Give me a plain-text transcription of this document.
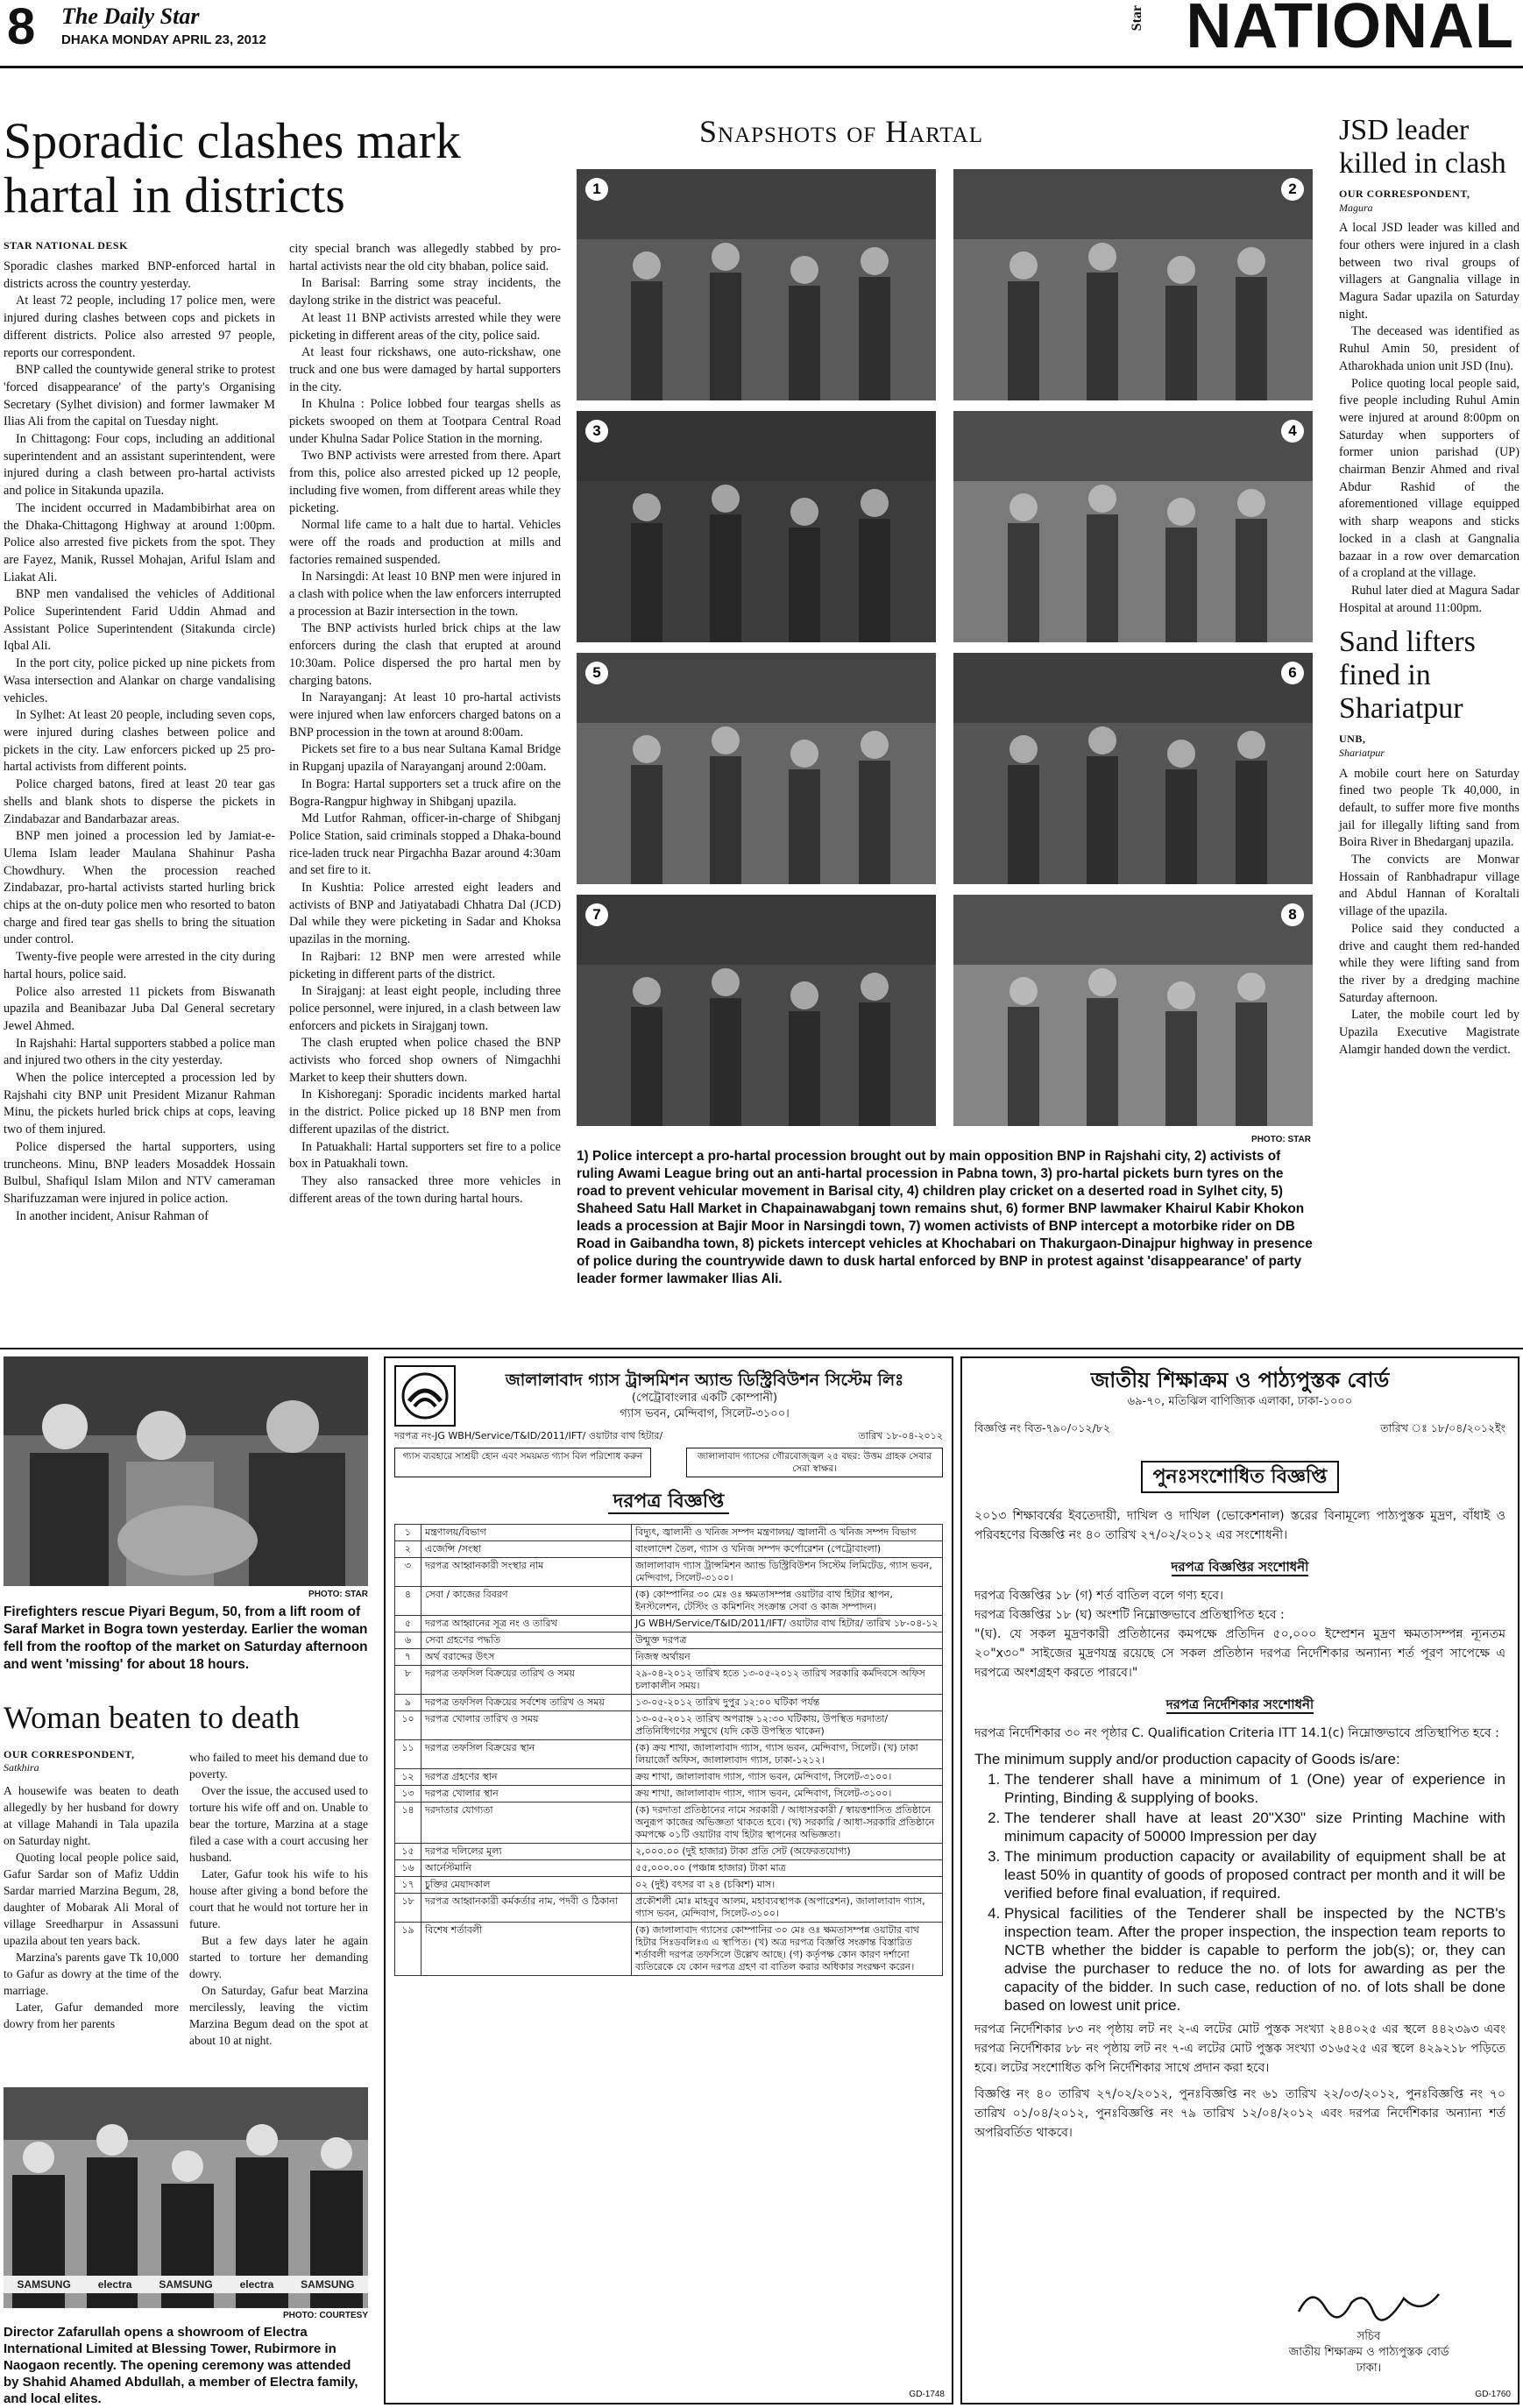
8 The Daily Star
DHAKA MONDAY APRIL 23, 2012
Star NATIONAL
Sporadic clashes mark hartal in districts
STAR NATIONAL DESK

Sporadic clashes marked BNP-enforced hartal in districts across the country yesterday.

At least 72 people, including 17 police men, were injured during clashes between cops and pickets in different districts. Police also arrested 97 people, reports our correspondent.

BNP called the countywide general strike to protest 'forced disappearance' of the party's Organising Secretary (Sylhet division) and former lawmaker M Ilias Ali from the capital on Tuesday night.

In Chittagong: Four cops, including an additional superintendent and an assistant superintendent, were injured during a clash between pro-hartal activists and police in Sitakunda upazila.

The incident occurred in Madambibirhat area on the Dhaka-Chittagong Highway at around 1:00pm. Police also arrested five pickets from the spot. They are Fayez, Manik, Russel Mohajan, Ariful Islam and Liakat Ali.

BNP men vandalised the vehicles of Additional Police Superintendent Farid Uddin Ahmad and Assistant Police Superintendent (Sitakunda circle) Iqbal Ali.

In the port city, police picked up nine pickets from Wasa intersection and Alankar on charge vandalising vehicles.

In Sylhet: At least 20 people, including seven cops, were injured during clashes between police and pickets in the city. Law enforcers picked up 25 pro-hartal activists from different points.

Police charged batons, fired at least 20 tear gas shells and blank shots to disperse the pickets in Zindabazar and Bandarbazar areas.

BNP men joined a procession led by Jamiat-e- Ulema Islam leader Maulana Shahinur Pasha Chowdhury. When the procession reached Zindabazar, pro-hartal activists started hurling brick chips at the on-duty police men who resorted to baton charge and fired tear gas shells to bring the situation under control.

Twenty-five people were arrested in the city during hartal hours, police said.

Police also arrested 11 pickets from Biswanath upazila and Beanibazar Juba Dal General secretary Jewel Ahmed.

In Rajshahi: Hartal supporters stabbed a police man and injured two others in the city yesterday.

When the police intercepted a procession led by Rajshahi city BNP unit President Mizanur Rahman Minu, the pickets hurled brick chips at cops, leaving two of them injured.

Police dispersed the hartal supporters, using truncheons. Minu, BNP leaders Mosaddek Hossain Bulbul, Shafiqul Islam Milon and NTV cameraman Sharifuzzaman were injured in police action.

In another incident, Anisur Rahman of

city special branch was allegedly stabbed by pro-hartal activists near the old city bhaban, police said.

In Barisal: Barring some stray incidents, the daylong strike in the district was peaceful.

At least 11 BNP activists arrested while they were picketing in different areas of the city, police said.

At least four rickshaws, one auto-rickshaw, one truck and one bus were damaged by hartal supporters in the city.

In Khulna : Police lobbed four teargas shells as pickets swooped on them at Tootpara Central Road under Khulna Sadar Police Station in the morning.

Two BNP activists were arrested from there. Apart from this, police also arrested picked up 12 people, including five women, from different areas while they picketing.

Normal life came to a halt due to hartal. Vehicles were off the roads and production at mills and factories remained suspended.

In Narsingdi: At least 10 BNP men were injured in a clash with police when the law enforcers interrupted a procession at Bazir intersection in the town.

The BNP activists hurled brick chips at the law enforcers during the clash that erupted at around 10:30am. Police dispersed the pro hartal men by charging batons.

In Narayanganj: At least 10 pro-hartal activists were injured when law enforcers charged batons on a BNP procession in the town at around 8:00am.

Pickets set fire to a bus near Sultana Kamal Bridge in Rupganj upazila of Narayanganj around 2:00am.

In Bogra: Hartal supporters set a truck afire on the Bogra-Rangpur highway in Shibganj upazila.

Md Lutfor Rahman, officer-in-charge of Shibganj Police Station, said criminals stopped a Dhaka-bound rice-laden truck near Pirgachha Bazar around 4:30am and set fire to it.

In Kushtia: Police arrested eight leaders and activists of BNP and Jatiyatabadi Chhatra Dal (JCD) Dal while they were picketing in Sadar and Khoksa upazilas in the morning.

In Rajbari: 12 BNP men were arrested while picketing in different parts of the district.

In Sirajganj: at least eight people, including three police personnel, were injured, in a clash between law enforcers and pickets in Sirajganj town.

The clash erupted when police chased the BNP activists who forced shop owners of Nimgachhi Market to keep their shutters down.

In Kishoreganj: Sporadic incidents marked hartal in the district. Police picked up 18 BNP men from different upazilas of the district.

In Patuakhali: Hartal supporters set fire to a police box in Patuakhali town.

They also ransacked three more vehicles in different areas of the town during hartal hours.

Snapshots of Hartal
1	2
3	4
5	6
7	8
PHOTO: STAR
1) Police intercept a pro-hartal procession brought out by main opposition BNP in Rajshahi city, 2) activists of ruling Awami League bring out an anti-hartal procession in Pabna town, 3) pro-hartal pickets burn tyres on the road to prevent vehicular movement in Barisal city, 4) children play cricket on a deserted road in Sylhet city, 5) Shaheed Satu Hall Market in Chapainawabganj town remains shut, 6) former BNP lawmaker Khairul Kabir Khokon leads a procession at Bajir Moor in Narsingdi town, 7) women activists of BNP intercept a motorbike rider on DB Road in Gaibandha town, 8) pickets intercept vehicles at Khochabari on Thakurgaon-Dinajpur highway in presence of police during the countrywide dawn to dusk hartal enforced by BNP in protest against 'disappearance' of party leader former lawmaker Ilias Ali.
JSD leader killed in clash
OUR CORRESPONDENT,
Magura

A local JSD leader was killed and four others were injured in a clash between two rival groups of villagers at Gangnalia village in Magura Sadar upazila on Saturday night.

The deceased was identified as Ruhul Amin 50, president of Atharokhada union unit JSD (Inu).

Police quoting local people said, five people including Ruhul Amin were injured at around 8:00pm on Saturday when supporters of former union parishad (UP) chairman Benzir Ahmed and rival Abdur Rashid of the aforementioned village equipped with sharp weapons and sticks locked in a clash at Gangnalia bazaar in a row over demarcation of a cropland at the village.

Ruhul later died at Magura Sadar Hospital at around 11:00pm.

Sand lifters fined in Shariatpur
UNB,
Shariatpur

A mobile court here on Saturday fined two people Tk 40,000, in default, to suffer more five months jail for illegally lifting sand from Boira River in Bhedarganj upazila.

The convicts are Monwar Hossain of Ranbhadrapur village and Abdul Hannan of Koraltali village of the upazila.

Police said they conducted a drive and caught them red-handed while they were lifting sand from the river by a dredging machine Saturday afternoon.

Later, the mobile court led by Upazila Executive Magistrate Alamgir handed down the verdict.

PHOTO: STAR
Firefighters rescue Piyari Begum, 50, from a lift room of Saraf Market in Bogra town yesterday. Earlier the woman fell from the rooftop of the market on Saturday afternoon and went 'missing' for about 18 hours.
Woman beaten to death
OUR CORRESPONDENT,
Satkhira

A housewife was beaten to death allegedly by her husband for dowry at village Mahandi in Tala upazila on Saturday night.

Quoting local people police said, Gafur Sardar son of Mafiz Uddin Sardar married Marzina Begum, 28, daughter of Mobarak Ali Moral of village Sreedharpur in Assassuni upazila about ten years back.

Marzina's parents gave Tk 10,000 to Gafur as dowry at the time of the marriage.

Later, Gafur demanded more dowry from her parents

who failed to meet his demand due to poverty.

Over the issue, the accused used to torture his wife off and on. Unable to bear the torture, Marzina at a stage filed a case with a court accusing her husband.

Later, Gafur took his wife to his house after giving a bond before the court that he would not torture her in future.

But a few days later he again started to torture her demanding dowry.

On Saturday, Gafur beat Marzina mercilessly, leaving the victim Marzina Begum dead on the spot at about 10 at night.

SAMSUNG	electra	SAMSUNG	electra	SAMSUNG
PHOTO: COURTESY
Director Zafarullah opens a showroom of Electra International Limited at Blessing Tower, Rubirmore in Naogaon recently. The opening ceremony was attended by Shahid Ahamed Abdullah, a member of Electra family, and local elites.
জালালাবাদ গ্যাস ট্রান্সমিশন অ্যান্ড ডিস্ট্রিবিউশন সিস্টেম লিঃ
(পেট্রোবাংলার একটি কোম্পানী)
গ্যাস ভবন, মেন্দিবাগ, সিলেট-৩১০০।
দরপত্র নং-JG WBH/Service/T&ID/2011/IFT/ ওয়াটার বাথ হিটার/	তারিখ ১৮-০৪-২০১২
গ্যাস ব্যবহারে সাশ্রয়ী হোন এবং সময়মত গ্যাস বিল পরিশোধ করুন	জালালাবাদ গ্যাসের গৌরবোজ্জ্বল ২৫ বছর: উত্তম গ্রাহক সেবার সেরা স্বাক্ষর।
দরপত্র বিজ্ঞপ্তি
১	মন্ত্রণালয়/বিভাগ	বিদ্যুৎ, জ্বালানী ও খনিজ সম্পদ মন্ত্রণালয়/ জ্বালানী ও খনিজ সম্পদ বিভাগ
২	এজেন্সি /সংস্থা	বাংলাদেশ তৈল, গ্যাস ও খনিজ সম্পদ কর্পোরেশন (পেট্রোবাংলা)
৩	দরপত্র আহ্বানকারী সংস্থার নাম	জালালাবাদ গ্যাস ট্রান্সমিশন অ্যান্ড ডিস্ট্রিবিউশন সিস্টেম লিমিটেড, গ্যাস ভবন, মেন্দিবাগ, সিলেট-৩১০০।
৪	সেবা / কাজের বিবরণ	(ক) কোম্পানির ৩০ মেঃ ওঃ ক্ষমতাসম্পন্ন ওয়াটার বাথ হিটার স্থাপন, ইনস্টলেশন, টেস্টিং ও কমিশনিং সংক্রান্ত সেবা ও কাজ সম্পাদন।
৫	দরপত্র আহ্বানের সূত্র নং ও তারিখ	JG WBH/Service/T&ID/2011/IFT/ ওয়াটার বাথ হিটার/ তারিখ ১৮-০৪-১২
৬	সেবা গ্রহণের পদ্ধতি	উন্মুক্ত দরপত্র
৭	অর্থ বরাদ্দের উৎস	নিজস্ব অর্থায়ন
৮	দরপত্র তফসিল বিক্রয়ের তারিখ ও সময়	২৯-০৪-২০১২ তারিখ হতে ১৩-০৫-২০১২ তারিখ সরকারি কর্মদিবসে অফিস চলাকালীন সময়।
৯	দরপত্র তফসিল বিক্রয়ের সর্বশেষ তারিখ ও সময়	১৩-০৫-২০১২ তারিখ দুপুর ১২:০০ ঘটিকা পর্যন্ত
১০	দরপত্র খোলার তারিখ ও সময়	১৩-০৫-২০১২ তারিখ অপরাহ্ন ১২:৩০ ঘটিকায়, উপস্থিত দরদাতা/ প্রতিনিধিগণের সম্মুখে (যদি কেউ উপস্থিত থাকেন)
১১	দরপত্র তফসিল বিক্রয়ের স্থান	(ক) ক্রয় শাখা, জালালাবাদ গ্যাস, গ্যাস ভবন, মেন্দিবাগ, সিলেট। (খ) ঢাকা লিয়াজোঁ অফিস, জালালাবাদ গ্যাস, ঢাকা-১২১২।
১২	দরপত্র গ্রহণের স্থান	ক্রয় শাখা, জালালাবাদ গ্যাস, গ্যাস ভবন, মেন্দিবাগ, সিলেট-৩১০০।
১৩	দরপত্র খোলার স্থান	ক্রয় শাখা, জালালাবাদ গ্যাস, গ্যাস ভবন, মেন্দিবাগ, সিলেট-৩১০০।
১৪	দরদাতার যোগ্যতা	(ক) দরদাতা প্রতিষ্ঠানের নামে সরকারী / আধাসরকারী / স্বায়ত্তশাসিত প্রতিষ্ঠানে অনুরূপ কাজের অভিজ্ঞতা থাকতে হবে। (খ) সরকারি / আধা-সরকারি প্রতিষ্ঠানে কমপক্ষে ০১টি ওয়াটার বাথ হিটার স্থাপনের অভিজ্ঞতা।
১৫	দরপত্র দলিলের মূল্য	২,০০০.০০ (দুই হাজার) টাকা প্রতি সেট (অফেরতযোগ্য)
১৬	আর্নেস্টমানি	৫৫,০০০.০০ (পঞ্চান্ন হাজার) টাকা মাত্র
১৭	চুক্তির মেয়াদকাল	০২ (দুই) বৎসর বা ২৪ (চব্বিশ) মাস।
১৮	দরপত্র আহ্বানকারী কর্মকর্তার নাম, পদবী ও ঠিকানা	প্রকৌশলী মোঃ মাহবুব আলম, মহাব্যবস্থাপক (অপারেশন), জালালাবাদ গ্যাস, গ্যাস ভবন, মেন্দিবাগ, সিলেট-৩১০০।
১৯	বিশেষ শর্তাবলী	(ক) জালালাবাদ গ্যাসের কোম্পানির ৩০ মেঃ ওঃ ক্ষমতাসম্পন্ন ওয়াটার বাথ হিটার সিঃডবলিঃএ এ স্থাপিত। (খ) অত্র দরপত্র বিজ্ঞপ্তি সংক্রান্ত বিস্তারিত শর্তাবলী দরপত্র তফসিলে উল্লেখ আছে। (গ) কর্তৃপক্ষ কোন কারণ দর্শানো ব্যতিরেকে যে কোন দরপত্র গ্রহণ বা বাতিল করার অধিকার সংরক্ষণ করেন।
GD-1748
জাতীয় শিক্ষাক্রম ও পাঠ্যপুস্তক বোর্ড
৬৯-৭০, মতিঝিল বাণিজ্যিক এলাকা, ঢাকা-১০০০
বিজ্ঞপ্তি নং বিত-৭৯০/০১২/৮২	তারিখ ঃ ১৮/০৪/২০১২ইং
পুনঃসংশোধিত বিজ্ঞপ্তি
২০১৩ শিক্ষাবর্ষের ইবতেদায়ী, দাখিল ও দাখিল (ভোকেশনাল) স্তরের বিনামূল্যে পাঠ্যপুস্তক মুদ্রণ, বাঁধাই ও পরিবহণের বিজ্ঞপ্তি নং ৪০ তারিখ ২৭/০২/২০১২ এর সংশোধনী।
দরপত্র বিজ্ঞপ্তির সংশোধনী
দরপত্র বিজ্ঞপ্তির ১৮ (গ) শর্ত বাতিল বলে গণ্য হবে।
দরপত্র বিজ্ঞপ্তির ১৮ (ঘ) অংশটি নিম্নোক্তভাবে প্রতিস্থাপিত হবে :
"(ঘ). যে সকল মুদ্রণকারী প্রতিষ্ঠানের কমপক্ষে প্রতিদিন ৫০,০০০ ইম্প্রেশন মুদ্রণ ক্ষমতাসম্পন্ন ন্যূনতম ২০"x৩০" সাইজের মুদ্রণযন্ত্র রয়েছে সে সকল প্রতিষ্ঠান দরপত্র নির্দেশিকার অন্যান্য শর্ত পূরণ সাপেক্ষে এ দরপত্রে অংশগ্রহণ করতে পারবে।"
দরপত্র নির্দেশিকার সংশোধনী
দরপত্র নির্দেশিকার ৩০ নং পৃষ্ঠার C. Qualification Criteria ITT 14.1(c) নিম্নোক্তভাবে প্রতিস্থাপিত হবে :
The minimum supply and/or production capacity of Goods is/are:
1. The tenderer shall have a minimum of 1 (One) year of experience in Printing, Binding & supplying of books.
2. The tenderer shall have at least 20"X30" size Printing Machine with minimum capacity of 50000 Impression per day
3. The minimum production capacity or availability of equipment shall be at least 50% in quantity of goods of proposed contract per month and it will be verified before final evaluation, if required.
4. Physical facilities of the Tenderer shall be inspected by the NCTB's inspection team. After the proper inspection, the inspection team reports to NCTB whether the bidder is capable to perform the job(s); or, they can advise the purchaser to reduce the no. of lots for awarding as per the capacity of the bidder. In such case, reduction of no. of lots shall be done based on lowest unit price.
দরপত্র নির্দেশিকার ৮৩ নং পৃষ্ঠায় লট নং ২-এ লটের মোট পুস্তক সংখ্যা ২৪৪০২৫ এর স্থলে ৪৪২৩৯৩ এবং দরপত্র নির্দেশিকার ৮৮ নং পৃষ্ঠায় লট নং ৭-এ লটের মোট পুস্তক সংখ্যা ৩১৬৫২৫ এর স্থলে ৪২৯২১৮ পড়িতে হবে। লটের সংশোধিত কপি নির্দেশিকার সাথে প্রদান করা হবে।
বিজ্ঞপ্তি নং ৪০ তারিখ ২৭/০২/২০১২, পুনঃবিজ্ঞপ্তি নং ৬১ তারিখ ২২/০৩/২০১২, পুনঃবিজ্ঞপ্তি নং ৭০ তারিখ ০১/০৪/২০১২, পুনঃবিজ্ঞপ্তি নং ৭৯ তারিখ ১২/০৪/২০১২ এবং দরপত্র নির্দেশিকার অন্যান্য শর্ত অপরিবর্তিত থাকবে।
সচিব
জাতীয় শিক্ষাক্রম ও পাঠ্যপুস্তক বোর্ড
ঢাকা।
GD-1760
